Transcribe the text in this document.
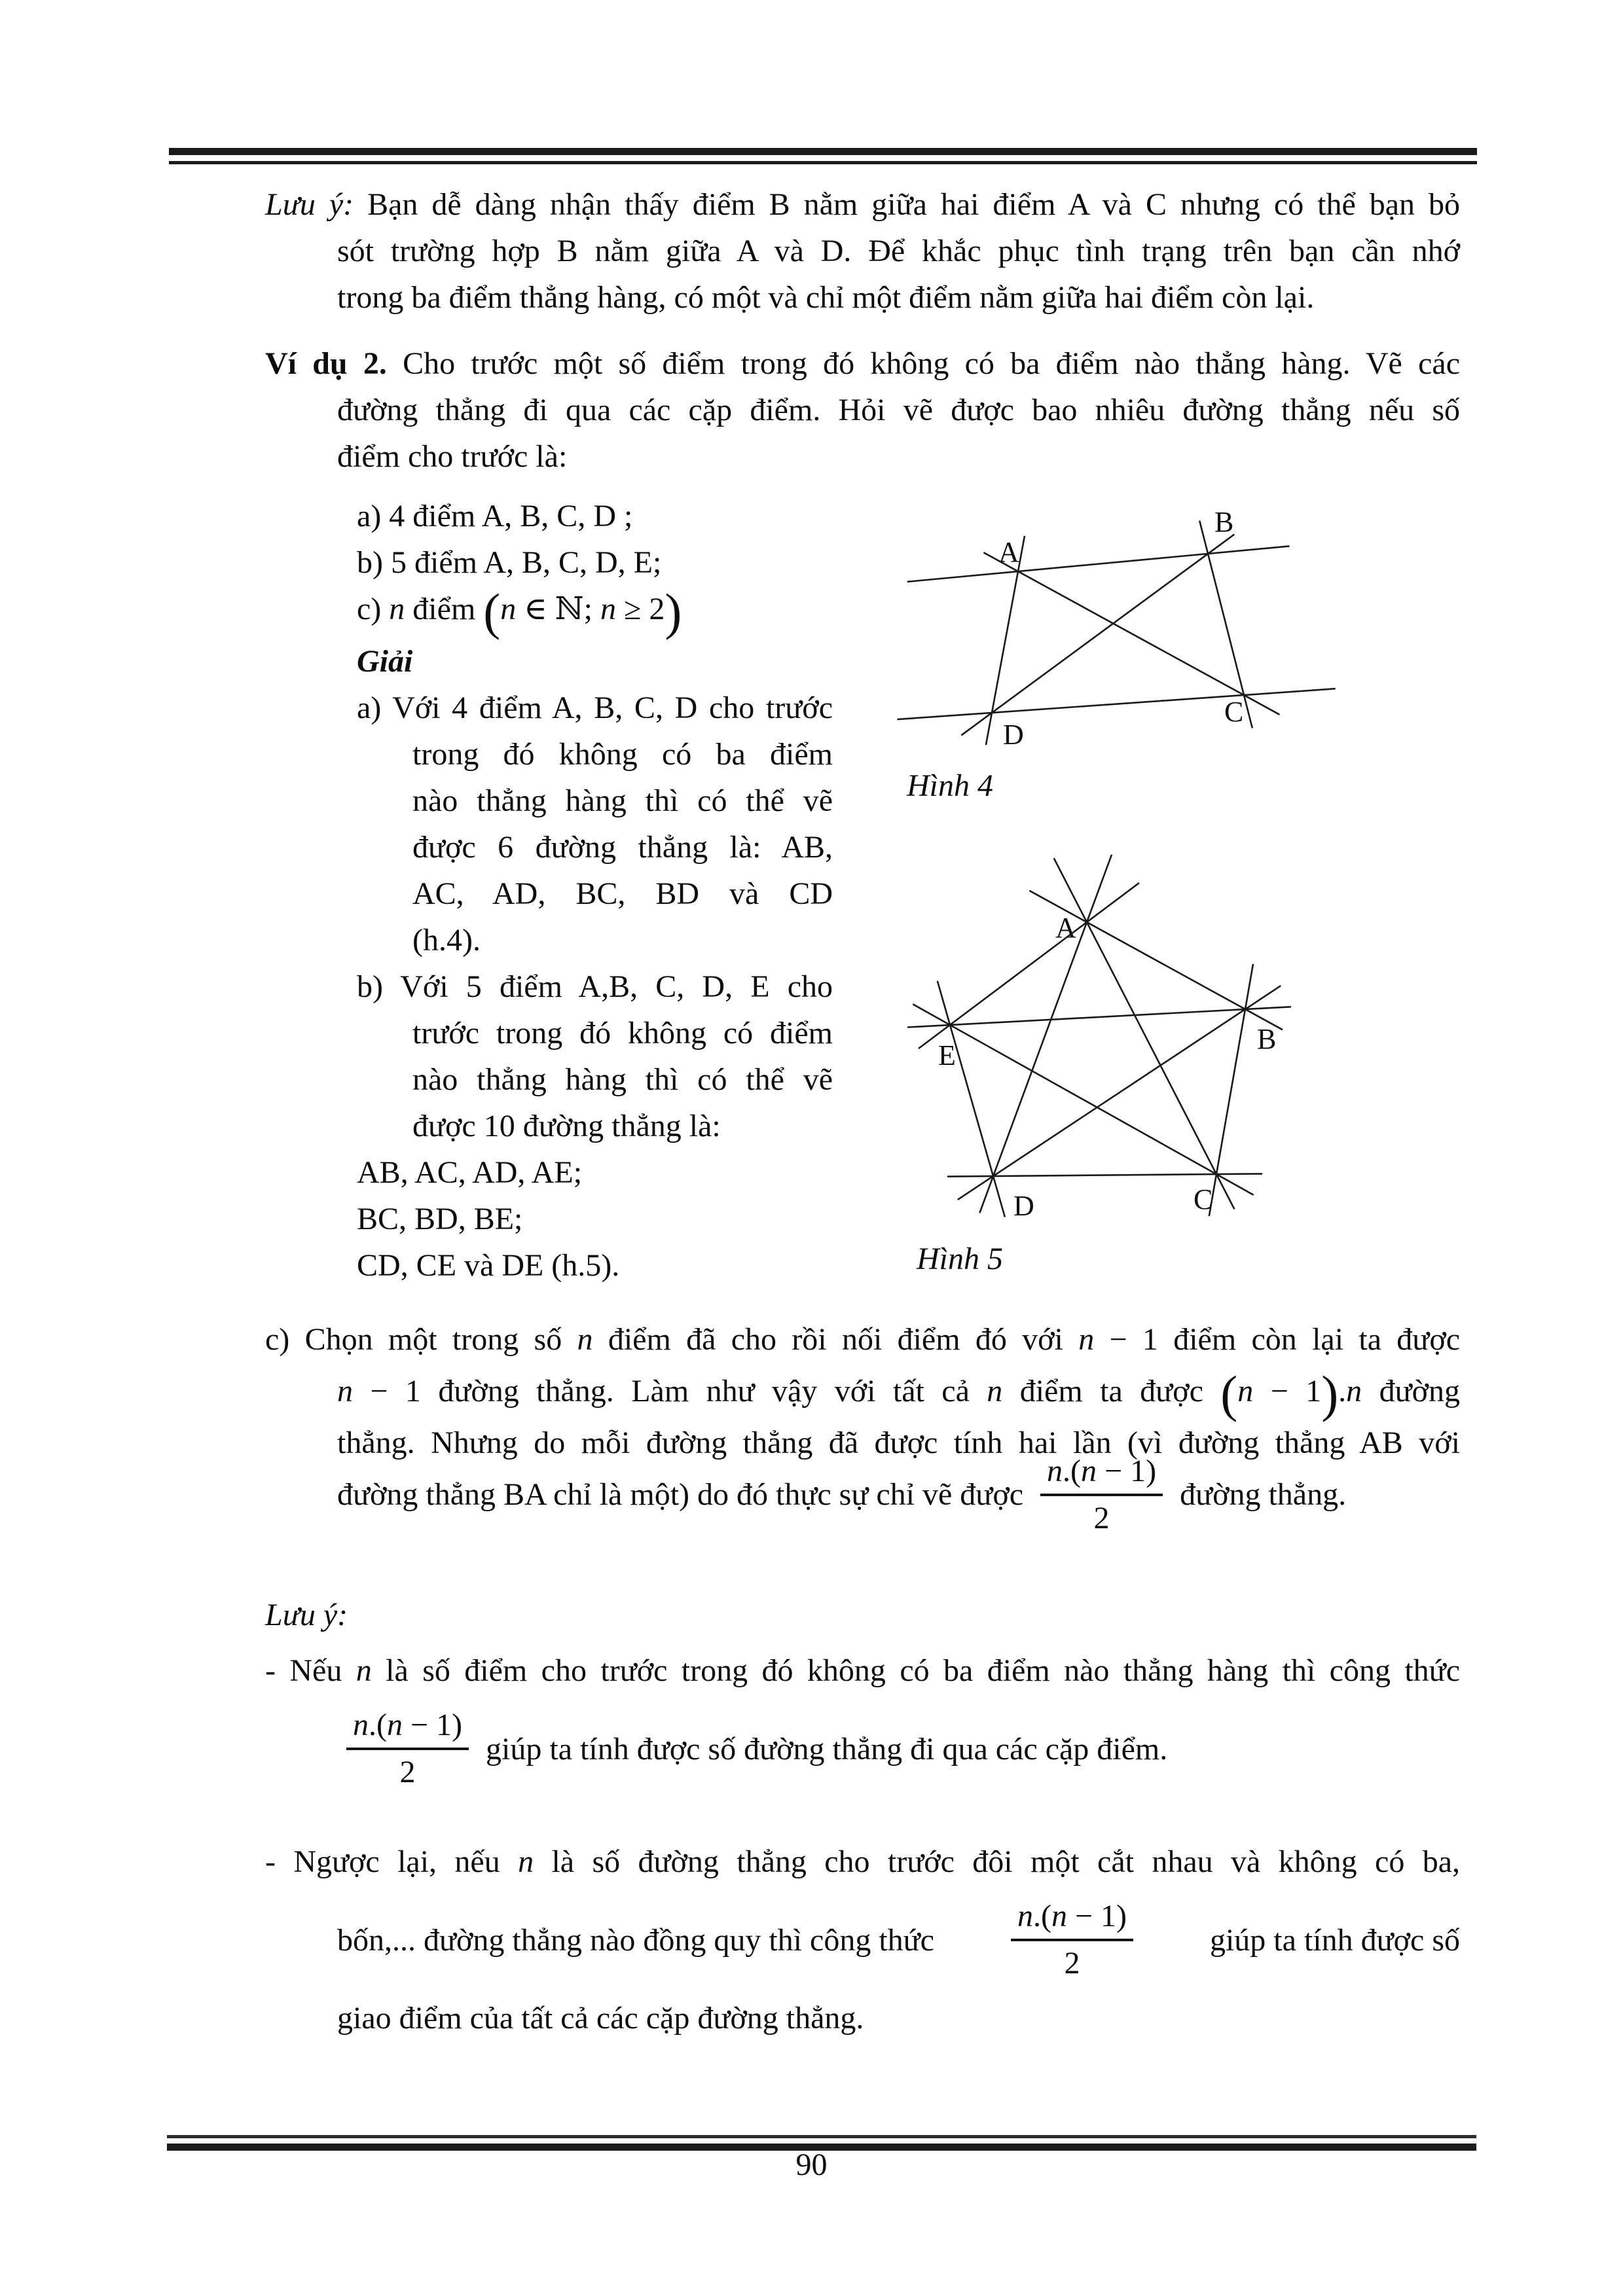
Lưu ý: Bạn dễ dàng nhận thấy điểm B nằm giữa hai điểm A và C nhưng có thể bạn bỏ
sót trường hợp B nằm giữa A và D. Để khắc phục tình trạng trên bạn cần nhớ
trong ba điểm thẳng hàng, có một và chỉ một điểm nằm giữa hai điểm còn lại.
Ví dụ 2. Cho trước một số điểm trong đó không có ba điểm nào thẳng hàng. Vẽ các
đường thẳng đi qua các cặp điểm. Hỏi vẽ được bao nhiêu đường thẳng nếu số
điểm cho trước là:
a) 4 điểm A, B, C, D ;
b) 5 điểm A, B, C, D, E;
c) n điểm (n ∈ ℕ; n ≥ 2)
Giải
a) Với 4 điểm A, B, C, D cho trước
trong đó không có ba điểm
nào thẳng hàng thì có thể vẽ
được 6 đường thẳng là: AB,
AC, AD, BC, BD và CD
(h.4).
b) Với 5 điểm A,B, C, D, E cho
trước trong đó không có điểm
nào thẳng hàng thì có thể vẽ
được 10 đường thẳng là:
AB, AC, AD, AE;
BC, BD, BE;
CD, CE và DE (h.5).
c) Chọn một trong số n điểm đã cho rồi nối điểm đó với n − 1 điểm còn lại ta được
n − 1 đường thẳng. Làm như vậy với tất cả n điểm ta được (n − 1).n đường
thẳng. Nhưng do mỗi đường thẳng đã được tính hai lần (vì đường thẳng AB với
đường thẳng BA chỉ là một) do đó thực sự chỉ vẽ được $\frac{n.(n - 1)}{2}$ đường thẳng.
Lưu ý:
- Nếu n là số điểm cho trước trong đó không có ba điểm nào thẳng hàng thì công thức
$\frac{n.(n - 1)}{2}$ giúp ta tính được số đường thẳng đi qua các cặp điểm.
- Ngược lại, nếu n là số đường thẳng cho trước đôi một cắt nhau và không có ba,
bốn,... đường thẳng nào đồng quy thì công thức $\frac{n.(n - 1)}{2}$ giúp ta tính được số
giao điểm của tất cả các cặp đường thẳng.
A
B
C
D
A
B
C
D
E
Hình 4
Hình 5
90
